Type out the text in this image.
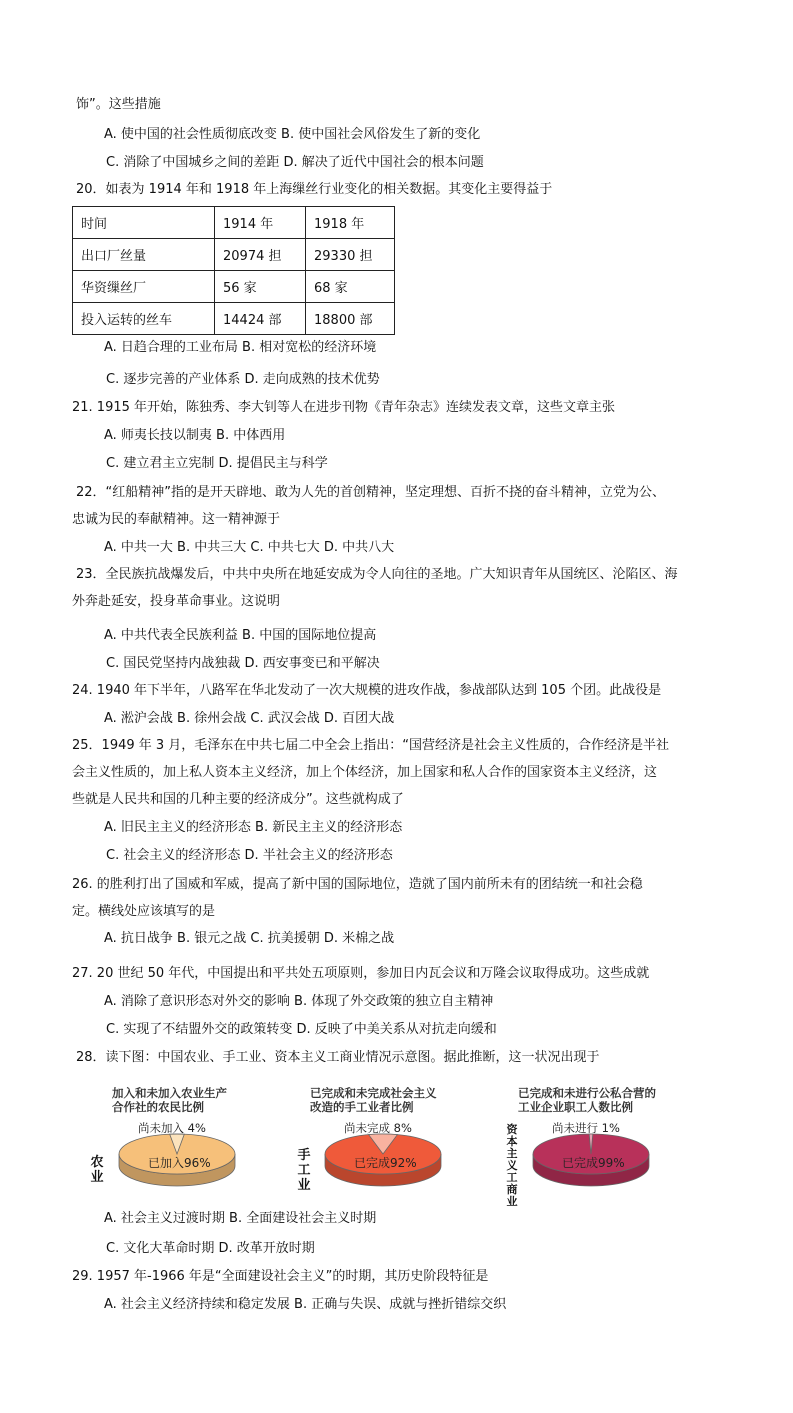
饰”。这些措施
A. 使中国的社会性质彻底改变 B. 使中国社会风俗发生了新的变化
C. 消除了中国城乡之间的差距 D. 解决了近代中国社会的根本问题
20．如表为 1914 年和 1918 年上海缫丝行业变化的相关数据。其变化主要得益于
时间	1914 年	1918 年
出口厂丝量	20974 担	29330 担
华资缫丝厂	56 家	68 家
投入运转的丝车	14424 部	18800 部
A. 日趋合理的工业布局 B. 相对宽松的经济环境
C. 逐步完善的产业体系 D. 走向成熟的技术优势
21. 1915 年开始，陈独秀、李大钊等人在进步刊物《青年杂志》连续发表文章，这些文章主张
A. 师夷长技以制夷 B. 中体西用
C. 建立君主立宪制 D. 提倡民主与科学
22．“红船精神”指的是开天辟地、敢为人先的首创精神，坚定理想、百折不挠的奋斗精神，立党为公、
忠诚为民的奉献精神。这一精神源于
A. 中共一大 B. 中共三大 C. 中共七大 D. 中共八大
23．全民族抗战爆发后，中共中央所在地延安成为令人向往的圣地。广大知识青年从国统区、沦陷区、海
外奔赴延安，投身革命事业。这说明
A. 中共代表全民族利益 B. 中国的国际地位提高
C. 国民党坚持内战独裁 D. 西安事变已和平解决
24. 1940 年下半年，八路军在华北发动了一次大规模的进攻作战，参战部队达到 105 个团。此战役是
A. 淞沪会战 B. 徐州会战 C. 武汉会战 D. 百团大战
25．1949 年 3 月，毛泽东在中共七届二中全会上指出：“国营经济是社会主义性质的，合作经济是半社
会主义性质的，加上私人资本主义经济，加上个体经济，加上国家和私人合作的国家资本主义经济，这
些就是人民共和国的几种主要的经济成分”。这些就构成了
A. 旧民主主义的经济形态 B. 新民主主义的经济形态
C. 社会主义的经济形态 D. 半社会主义的经济形态
26. 的胜利打出了国威和军威，提高了新中国的国际地位，造就了国内前所未有的团结统一和社会稳
定。横线处应该填写的是
A. 抗日战争 B. 银元之战 C. 抗美援朝 D. 米棉之战
27. 20 世纪 50 年代，中国提出和平共处五项原则，参加日内瓦会议和万隆会议取得成功。这些成就
A. 消除了意识形态对外交的影响 B. 体现了外交政策的独立自主精神
C. 实现了不结盟外交的政策转变 D. 反映了中美关系从对抗走向缓和
28．读下图：中国农业、手工业、资本主义工商业情况示意图。据此推断，这一状况出现于
加入和未加入农业生产
合作社的农民比例
农
业
尚未加入 4%
已加入96%
已完成和未完成社会主义
改造的手工业者比例
手
工
业
尚未完成 8%
已完成92%
已完成和未进行公私合营的
工业企业职工人数比例
资
本
主
义
工
商
业
尚未进行 1%
已完成99%
A. 社会主义过渡时期 B. 全面建设社会主义时期
C. 文化大革命时期 D. 改革开放时期
29. 1957 年-1966 年是“全面建设社会主义”的时期，其历史阶段特征是
A. 社会主义经济持续和稳定发展 B. 正确与失误、成就与挫折错综交织
